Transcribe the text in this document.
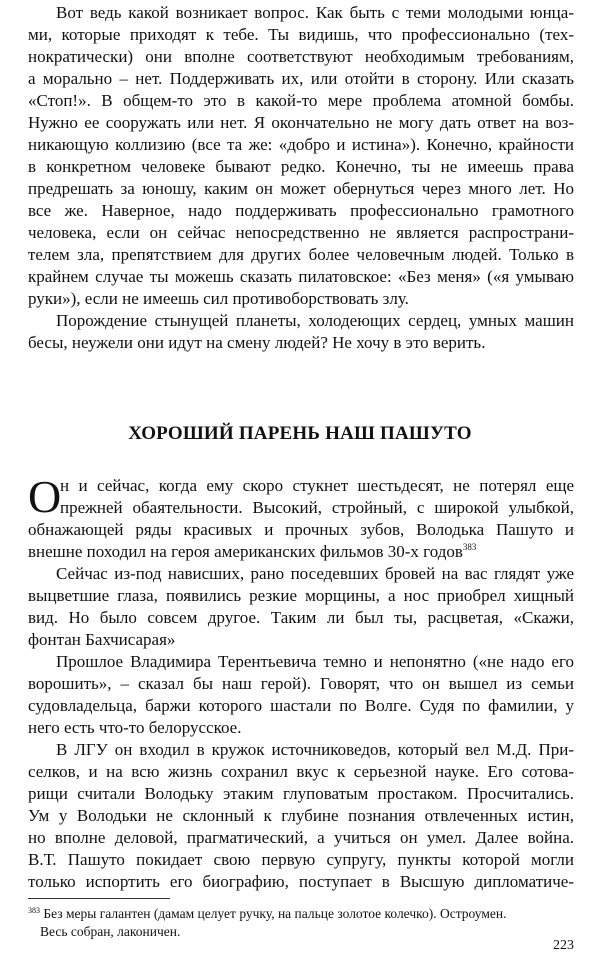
Вот ведь какой возникает вопрос. Как быть с теми молодыми юнца-
ми, которые приходят к тебе. Ты видишь, что профессионально (тех-
нократически) они вполне соответствуют необходимым требованиям,
а морально – нет. Поддерживать их, или отойти в сторону. Или сказать
«Стоп!». В общем-то это в какой-то мере проблема атомной бомбы.
Нужно ее сооружать или нет. Я окончательно не могу дать ответ на воз-
никающую коллизию (все та же: «добро и истина»). Конечно, крайности
в конкретном человеке бывают редко. Конечно, ты не имеешь права
предрешать за юношу, каким он может обернуться через много лет. Но
все же. Наверное, надо поддерживать профессионально грамотного
человека, если он сейчас непосредственно не является распространи-
телем зла, препятствием для других более человечным людей. Только в
крайнем случае ты можешь сказать пилатовское: «Без меня» («я умываю
руки»), если не имеешь сил противоборствовать злу.
Порождение стынущей планеты, холодеющих сердец, умных машин
бесы, неужели они идут на смену людей? Не хочу в это верить.
ХОРОШИЙ ПАРЕНЬ НАШ ПАШУТО
О
н и сейчас, когда ему скоро стукнет шестьдесят, не потерял еще
прежней обаятельности. Высокий, стройный, с широкой улыбкой,
обнажающей ряды красивых и прочных зубов, Володька Пашуто и
внешне походил на героя американских фильмов 30-х годов$^{383}$
Сейчас из-под нависших, рано поседевших бровей на вас глядят уже
выцветшие глаза, появились резкие морщины, а нос приобрел хищный
вид. Но было совсем другое. Таким ли был ты, расцветая, «Скажи,
фонтан Бахчисарая»
Прошлое Владимира Терентьевича темно и непонятно («не надо его
ворошить», – сказал бы наш герой). Говорят, что он вышел из семьи
судовладельца, баржи которого шастали по Волге. Судя по фамилии, у
него есть что-то белорусское.
В ЛГУ он входил в кружок источниковедов, который вел М.Д. При-
селков, и на всю жизнь сохранил вкус к серьезной науке. Его сотова-
рищи считали Володьку этаким глуповатым простаком. Просчитались.
Ум у Володьки не склонный к глубине познания отвлеченных истин,
но вполне деловой, прагматический, а учиться он умел. Далее война.
В.Т. Пашуто покидает свою первую супругу, пункты которой могли
только испортить его биографию, поступает в Высшую дипломатиче-
$^{383}$ Без меры галантен (дамам целует ручку, на пальце золотое колечко). Остроумен.
Весь собран, лаконичен.
223
